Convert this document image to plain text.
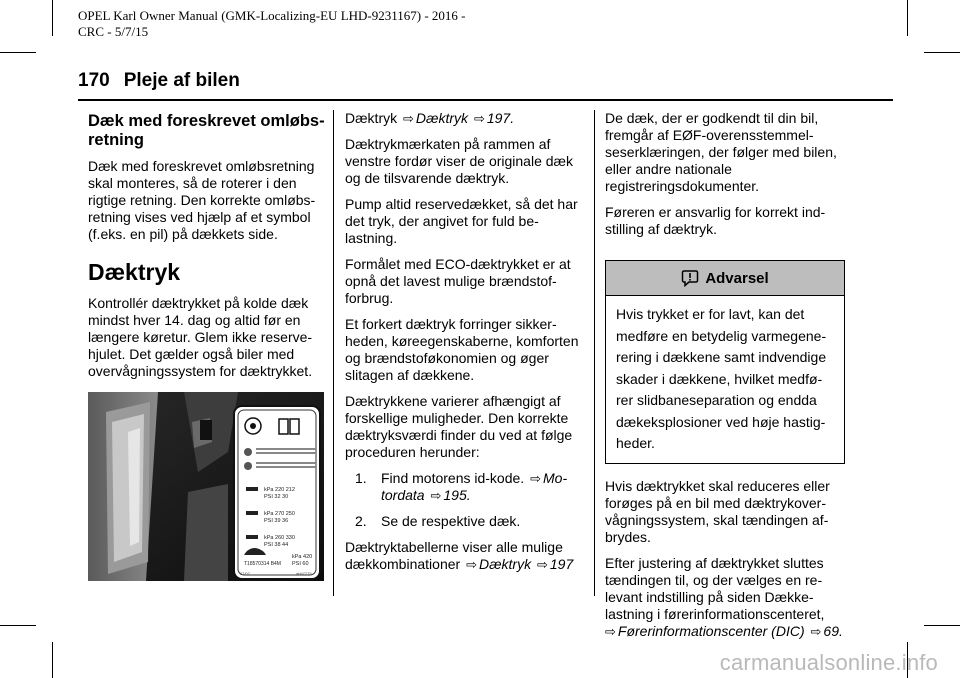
OPEL Karl Owner Manual (GMK-Localizing-EU LHD-9231167) - 2016 -
CRC - 5/7/15
170 Pleje af bilen
Dæk med foreskrevet omløbsretning

Dæk med foreskrevet omløbsretning skal monteres, så de roterer i den rigtige retning. Den korrekte omløbsretning vises ved hjælp af et symbol (f.eks. en pil) på dækkets side.

Dæktryk

Kontrollér dæktrykket på kolde dæk mindst hver 14. dag og altid før en længere køretur. Glem ikke reservehjulet. Det gælder også biler med overvågningssystem for dæktrykket.

kPa 220 212
PSI 32 30
kPa 270 250
PSI 39 36
kPa 260 330
PSI 38 44
T18570314 B4M
kPa 420
PSI 60
07/02	abb7275

Dæktryk ⇨ Dæktryk ⇨ 197.

Dæktrykmærkaten på rammen af venstre fordør viser de originale dæk og de tilsvarende dæktryk.

Pump altid reservedækket, så det har det tryk, der angivet for fuld belastning.

Formålet med ECO-dæktrykket er at opnå det lavest mulige brændstofforbrug.

Et forkert dæktryk forringer sikkerheden, køreegenskaberne, komforten og brændstoføkonomien og øger slitagen af dækkene.

Dæktrykkene varierer afhængigt af forskellige muligheder. Den korrekte dæktryksværdi finder du ved at følge proceduren herunder:

1.	Find motorens id-kode. ⇨ Motordata ⇨ 195.
2.	Se de respektive dæk.

Dæktryktabellerne viser alle mulige dækkombinationer ⇨ Dæktryk ⇨ 197

De dæk, der er godkendt til din bil, fremgår af EØF-overensstemmelseserklæringen, der følger med bilen, eller andre nationale registreringsdokumenter.

Føreren er ansvarlig for korrekt indstilling af dæktryk.

Advarsel
Hvis trykket er for lavt, kan det medføre en betydelig varmegenerering i dækkene samt indvendige skader i dækkene, hvilket medfører slidbaneseparation og endda dækeksplosioner ved høje hastigheder.

Hvis dæktrykket skal reduceres eller forøges på en bil med dæktrykovervågningssystem, skal tændingen afbrydes.

Efter justering af dæktrykket sluttes tændingen til, og der vælges en relevant indstilling på siden Dækkelastning i førerinformationscenteret,

⇨ Førerinformationscenter (DIC) ⇨ 69.

carmanualsonline.info
